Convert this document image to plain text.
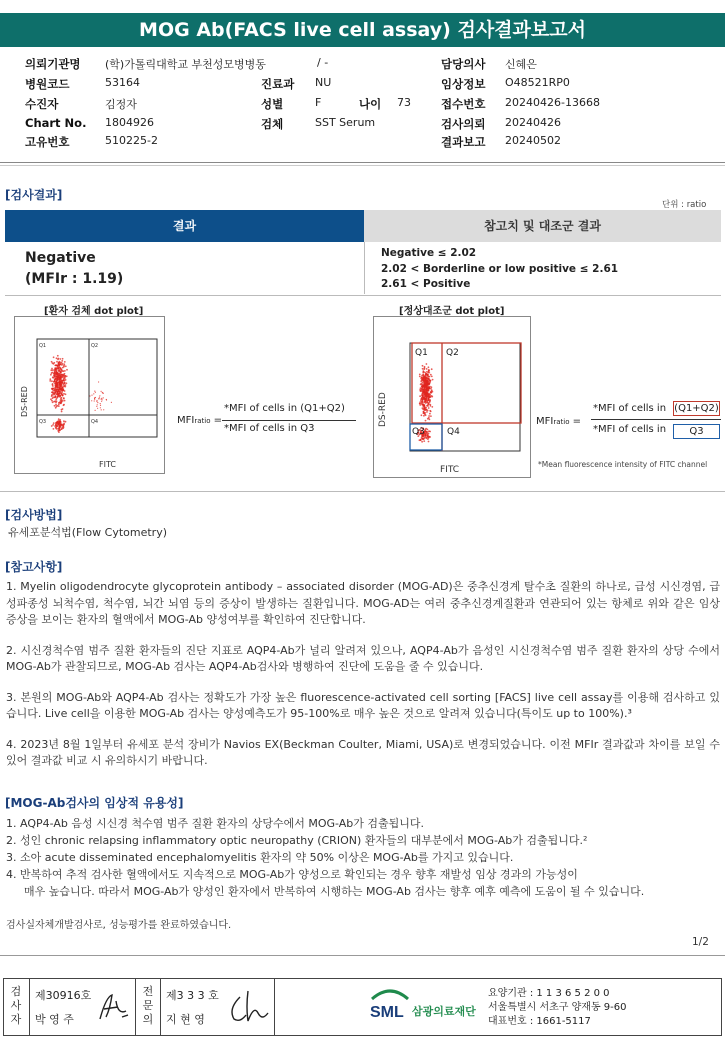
MOG Ab(FACS live cell assay) 검사결과보고서
의뢰기관명 (학)가톨릭대학교 부천성모병병동	/ -	담당의사 신혜은
병원코드	53164	진료과 NU	임상정보 O48521RP0
수진자	김정자	성별	F	나이 73	접수번호 20240426-13668
Chart No. 1804926	검체	SST Serum	검사의뢰 20240426
고유번호	510225-2	결과보고 20240502
[검사결과]
단위 : ratio
결과	참고치 및 대조군 결과
Negative
(MFIr : 1.19)
Negative ≤ 2.02
2.02 < Borderline or low positive ≤ 2.61
2.61 < Positive
[환자 검체 dot plot]
Q1	Q2
Q3	Q4
FITC
DS-RED
MFIratio =
*MFI of cells in (Q1+Q2)
*MFI of cells in Q3
[정상대조군 dot plot]
Q1 Q2
Q3 Q4
FITC
DS-RED	MFIratio =
*MFI of cells in (Q1+Q2)
*MFI of cells in	Q3
*Mean fluorescence intensity of FITC channel
[검사방법]
유세포분석법(Flow Cytometry)
[참고사항]

1. Myelin oligodendrocyte glycoprotein antibody – associated disorder (MOG-AD)은 중추신경계 탈수초 질환의 하나로, 급성 시신경염, 급성파종성 뇌척수염, 척수염, 뇌간 뇌염 등의 증상이 발생하는 질환입니다. MOG-AD는 여러 중추신경계질환과 연관되어 있는 항체로 위와 같은 임상 증상을 보이는 환자의 혈액에서 MOG-Ab 양성여부를 확인하여 진단합니다.

2. 시신경척수염 범주 질환 환자들의 진단 지표로 AQP4-Ab가 널리 알려져 있으나, AQP4-Ab가 음성인 시신경척수염 범주 질환 환자의 상당 수에서 MOG-Ab가 관찰되므로, MOG-Ab 검사는 AQP4-Ab검사와 병행하여 진단에 도움을 줄 수 있습니다.

3. 본원의 MOG-Ab와 AQP4-Ab 검사는 정확도가 가장 높은 fluorescence-activated cell sorting [FACS] live cell assay를 이용해 검사하고 있습니다. Live cell을 이용한 MOG-Ab 검사는 양성예측도가 95-100%로 매우 높은 것으로 알려져 있습니다(특이도 up to 100%).³

4. 2023년 8월 1일부터 유세포 분석 장비가 Navios EX(Beckman Coulter, Miami, USA)로 변경되었습니다. 이전 MFIr 결과값과 차이를 보일 수 있어 결과값 비교 시 유의하시기 바랍니다.

[MOG-Ab검사의 임상적 유용성]
1. AQP4-Ab 음성 시신경 척수염 범주 질환 환자의 상당수에서 MOG-Ab가 검출됩니다.
2. 성인 chronic relapsing inflammatory optic neuropathy (CRION) 환자들의 대부분에서 MOG-Ab가 검출됩니다.²
3. 소아 acute disseminated encephalomyelitis 환자의 약 50% 이상은 MOG-Ab를 가지고 있습니다.
4. 반복하여 추적 검사한 혈액에서도 지속적으로 MOG-Ab가 양성으로 확인되는 경우 향후 재발성 임상 경과의 가능성이
매우 높습니다. 따라서 MOG-Ab가 양성인 환자에서 반복하여 시행하는 MOG-Ab 검사는 향후 예후 예측에 도움이 될 수 있습니다.
검사실자체개발검사로, 성능평가를 완료하였습니다.
1/2
검
사
자
제30916호
박 영 주
전
문
의
제3 3 3 호
지 현 영	SML 삼광의료재단
요양기관 : 1 1 3 6 5 2 0 0
서울특별시 서초구 양재동 9-60
대표번호 : 1661-5117
